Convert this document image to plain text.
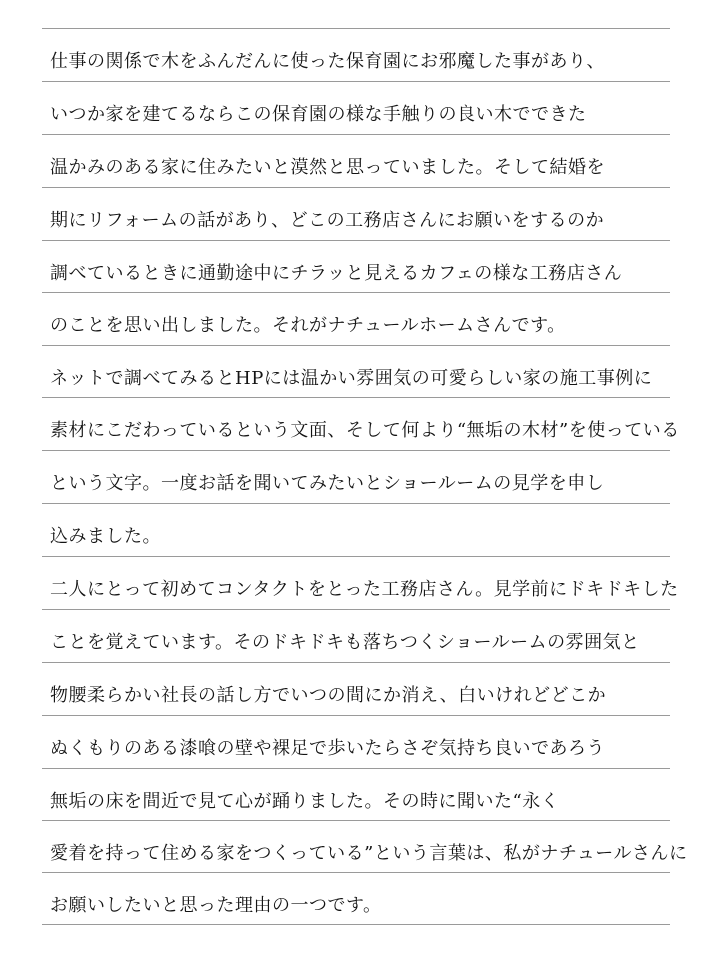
仕事の関係で木をふんだんに使った保育園にお邪魔した事があり、
いつか家を建てるならこの保育園の様な手触りの良い木でできた
温かみのある家に住みたいと漠然と思っていました。そして結婚を
期にリフォームの話があり、どこの工務店さんにお願いをするのか
調べているときに通勤途中にチラッと見えるカフェの様な工務店さん
のことを思い出しました。それがナチュールホームさんです。
ネットで調べてみるとHPには温かい雰囲気の可愛らしい家の施工事例に
素材にこだわっているという文面、そして何より“無垢の木材”を使っている
という文字。一度お話を聞いてみたいとショールームの見学を申し
込みました。
二人にとって初めてコンタクトをとった工務店さん。見学前にドキドキした
ことを覚えています。そのドキドキも落ちつくショールームの雰囲気と
物腰柔らかい社長の話し方でいつの間にか消え、白いけれどどこか
ぬくもりのある漆喰の壁や裸足で歩いたらさぞ気持ち良いであろう
無垢の床を間近で見て心が踊りました。その時に聞いた“永く
愛着を持って住める家をつくっている”という言葉は、私がナチュールさんに
お願いしたいと思った理由の一つです。
